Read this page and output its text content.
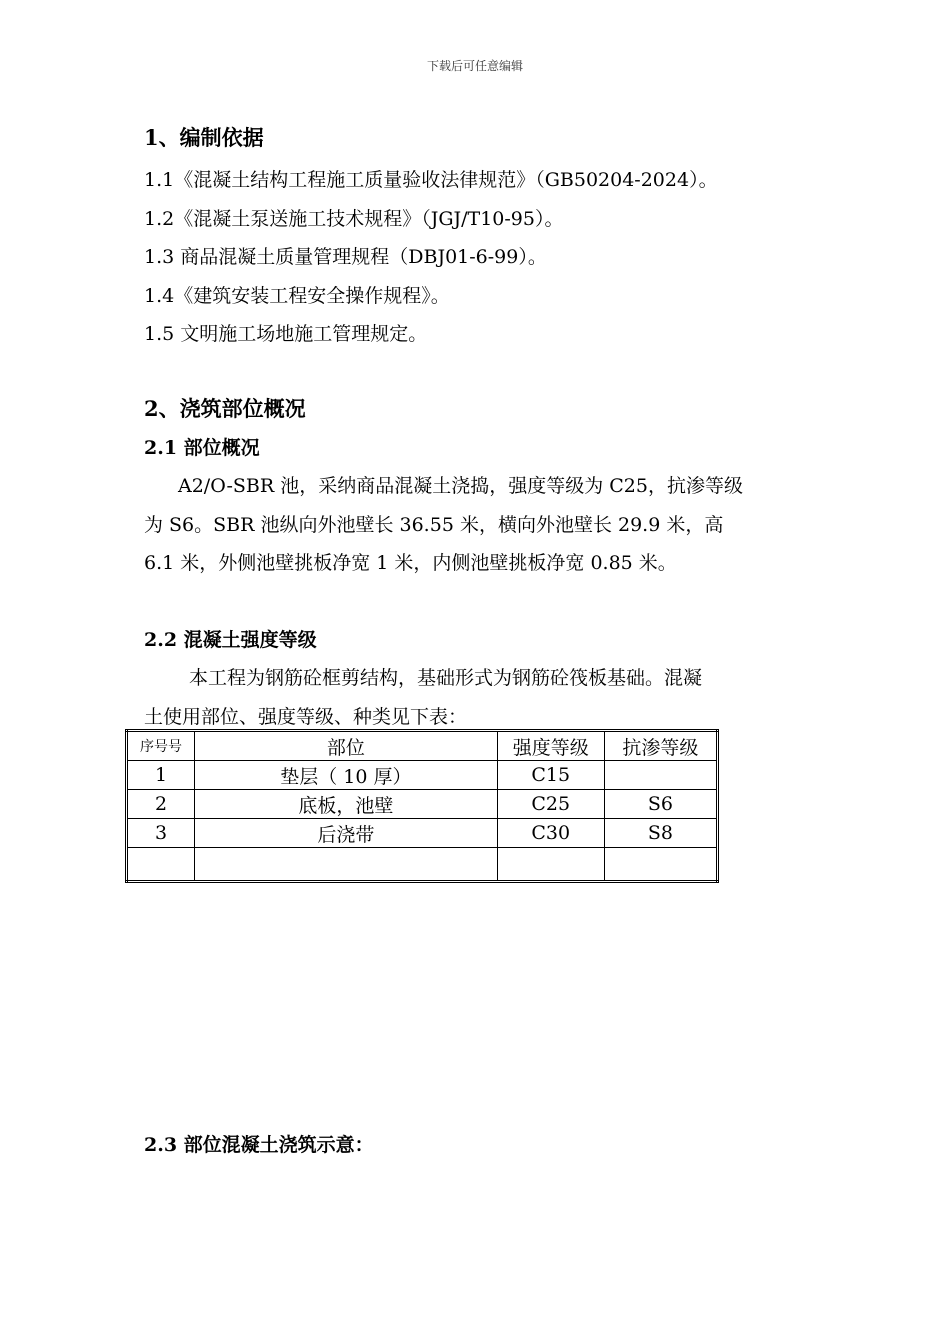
下载后可任意编辑
1、编制依据
1.1《混凝土结构工程施工质量验收法律规范》（GB50204-2024）。
1.2《混凝土泵送施工技术规程》（JGJ/T10-95）。
1.3 商品混凝土质量管理规程（DBJ01-6-99）。
1.4《建筑安装工程安全操作规程》。
1.5 文明施工场地施工管理规定。
2、浇筑部位概况
2.1 部位概况
A2/O-SBR 池，采纳商品混凝土浇捣，强度等级为 C25，抗渗等级
为 S6。SBR 池纵向外池壁长 36.55 米，横向外池壁长 29.9 米，高
6.1 米，外侧池壁挑板净宽 1 米，内侧池壁挑板净宽 0.85 米。
2.2 混凝土强度等级
本工程为钢筋砼框剪结构，基础形式为钢筋砼筏板基础。混凝
土使用部位、强度等级、种类见下表：
序号号	部位	强度等级	抗渗等级
1	垫层（ 10 厚）	C15	
2	底板，池壁	C25	S6
3	后浇带	C30	S8

2.3 部位混凝土浇筑示意：
